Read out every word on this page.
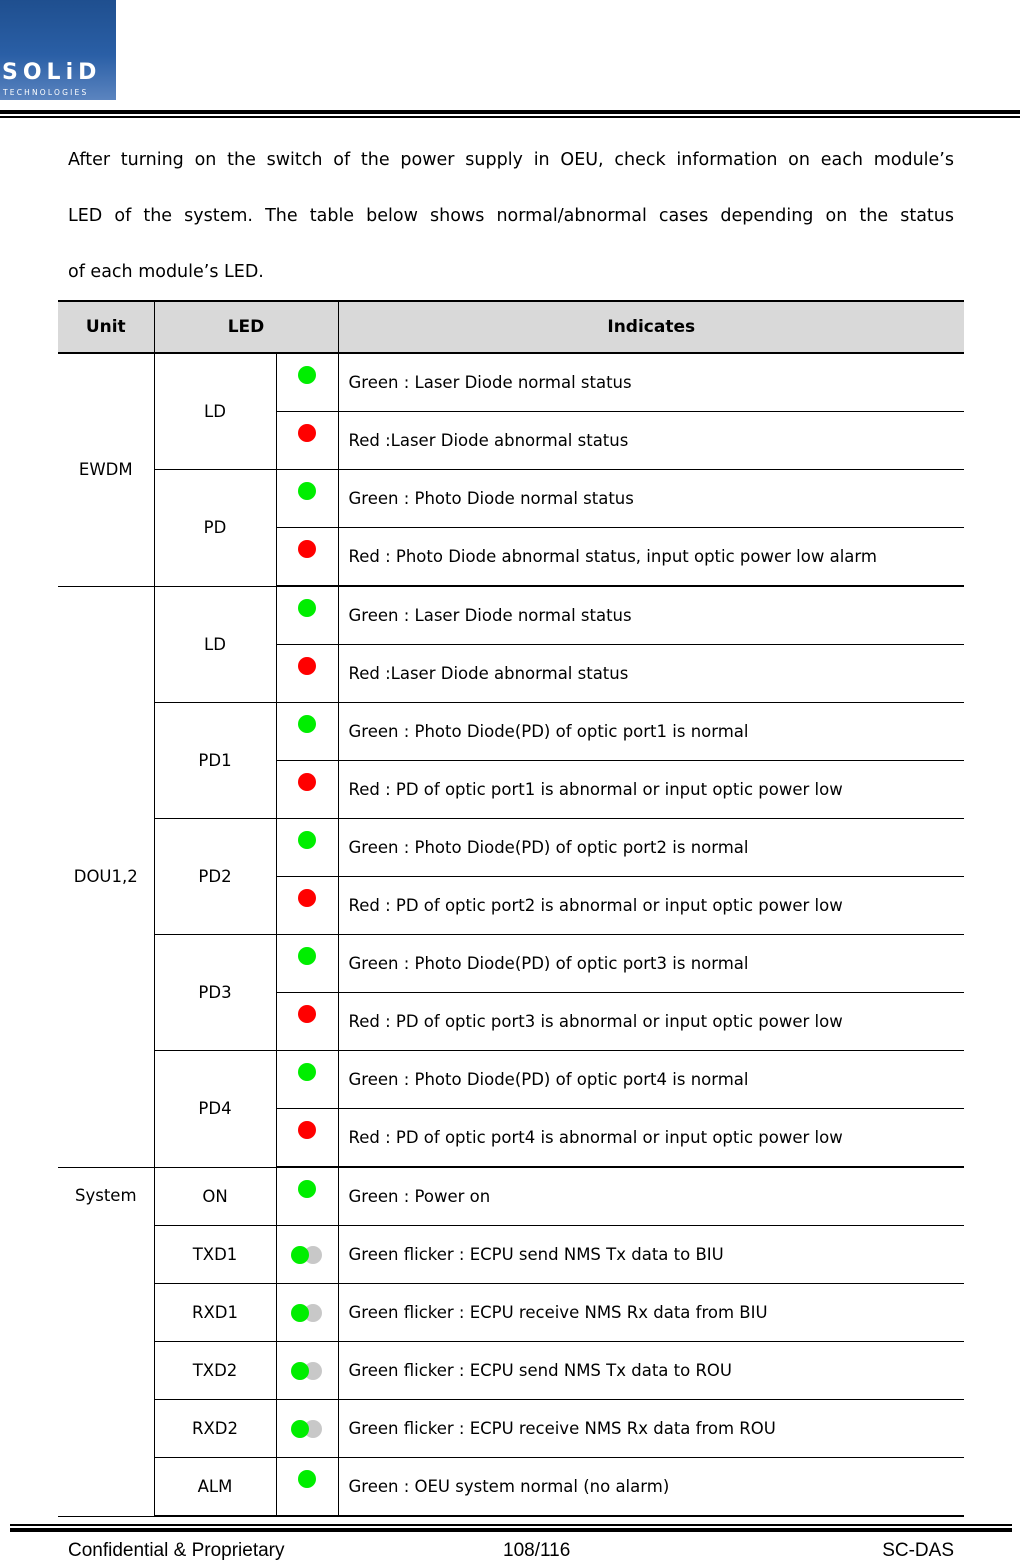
SOLiD
TECHNOLOGIES
After turning on the switch of the power supply in OEU, check information on each module’s
LED of the system. The table below shows normal/abnormal cases depending on the status
of each module’s LED.
Unit	LED		Indicates
EWDM	LD		Green : Laser Diode normal status
			Red :Laser Diode abnormal status
	PD		Green : Photo Diode normal status
			Red : Photo Diode abnormal status, input optic power low alarm
DOU1,2	LD		Green : Laser Diode normal status
			Red :Laser Diode abnormal status
	PD1		Green : Photo Diode(PD) of optic port1 is normal
			Red : PD of optic port1 is abnormal or input optic power low
	PD2		Green : Photo Diode(PD) of optic port2 is normal
			Red : PD of optic port2 is abnormal or input optic power low
	PD3		Green : Photo Diode(PD) of optic port3 is normal
			Red : PD of optic port3 is abnormal or input optic power low
	PD4		Green : Photo Diode(PD) of optic port4 is normal
			Red : PD of optic port4 is abnormal or input optic power low
System	ON		Green : Power on
	TXD1		Green flicker : ECPU send NMS Tx data to BIU
	RXD1		Green flicker : ECPU receive NMS Rx data from BIU
	TXD2		Green flicker : ECPU send NMS Tx data to ROU
	RXD2		Green flicker : ECPU receive NMS Rx data from ROU
	ALM		Green : OEU system normal (no alarm)
Confidential & Proprietary	108/116	SC-DAS
